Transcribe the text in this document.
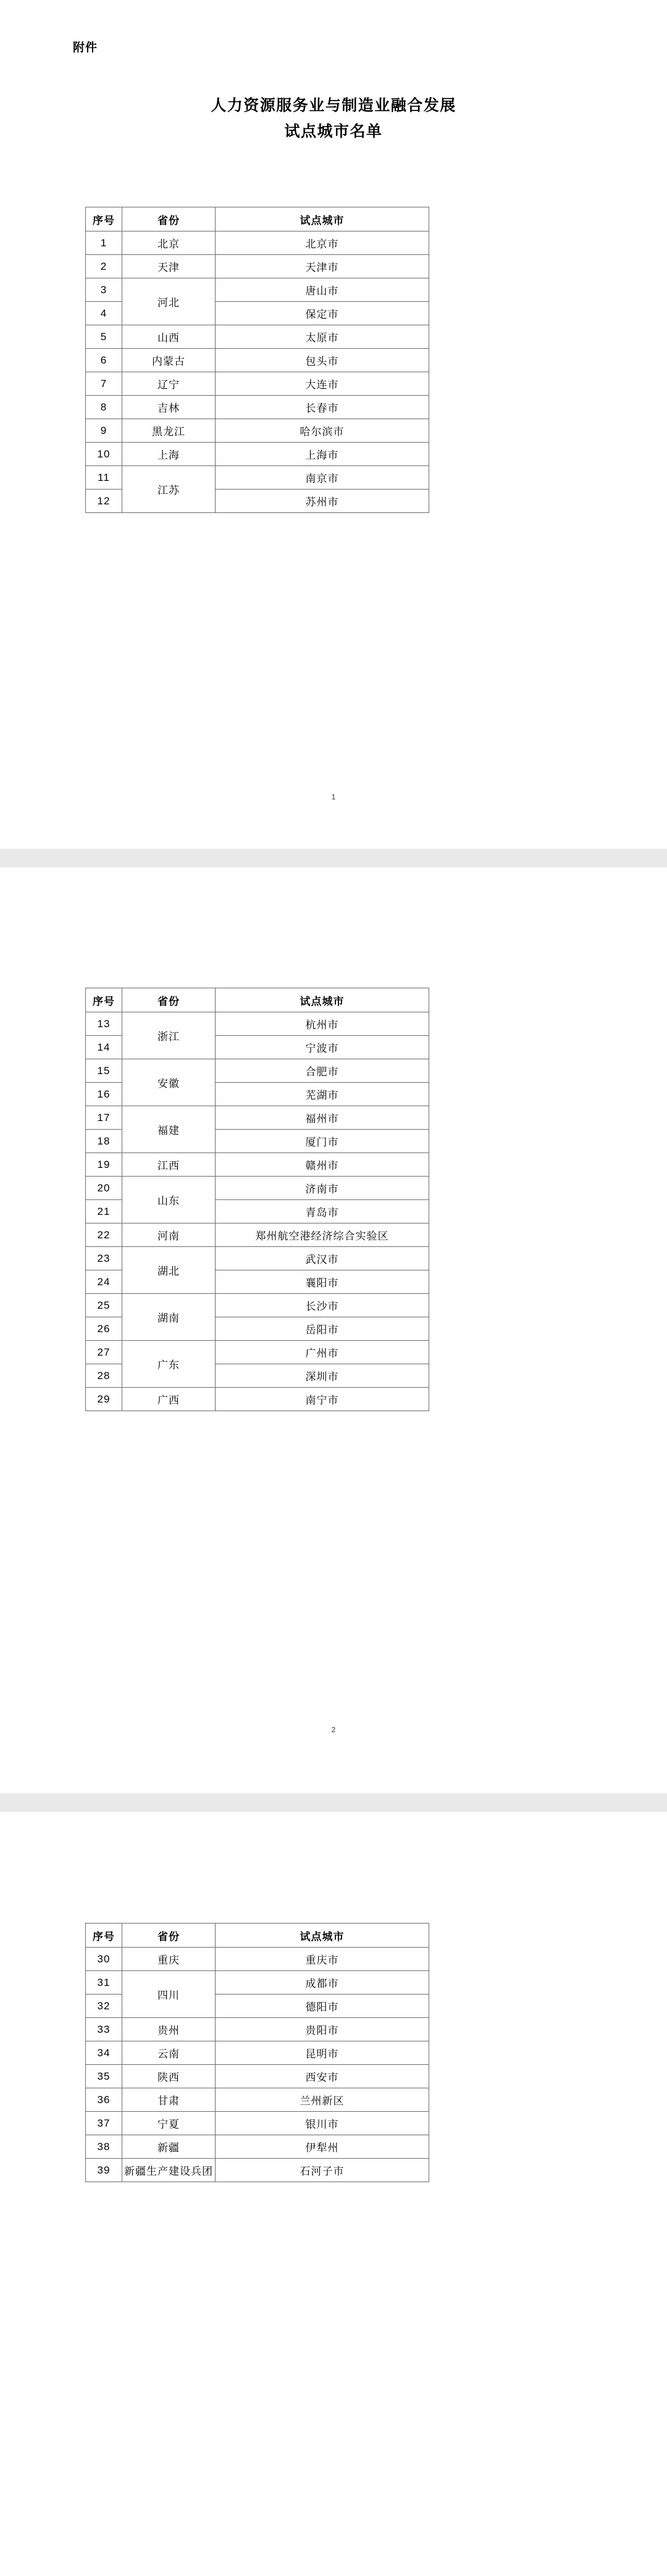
附件
人力资源服务业与制造业融合发展
试点城市名单
序号	省份	试点城市
1	北京	北京市
2	天津	天津市
3	河北	唐山市
4		保定市
5	山西	太原市
6	内蒙古	包头市
7	辽宁	大连市
8	吉林	长春市
9	黑龙江	哈尔滨市
10	上海	上海市
11	江苏	南京市
12		苏州市
1
序号	省份	试点城市
13	浙江	杭州市
14		宁波市
15	安徽	合肥市
16		芜湖市
17	福建	福州市
18		厦门市
19	江西	赣州市
20	山东	济南市
21		青岛市
22	河南	郑州航空港经济综合实验区
23	湖北	武汉市
24		襄阳市
25	湖南	长沙市
26		岳阳市
27	广东	广州市
28		深圳市
29	广西	南宁市
2
序号	省份	试点城市
30	重庆	重庆市
31	四川	成都市
32		德阳市
33	贵州	贵阳市
34	云南	昆明市
35	陕西	西安市
36	甘肃	兰州新区
37	宁夏	银川市
38	新疆	伊犁州
39	新疆生产建设兵团	石河子市
